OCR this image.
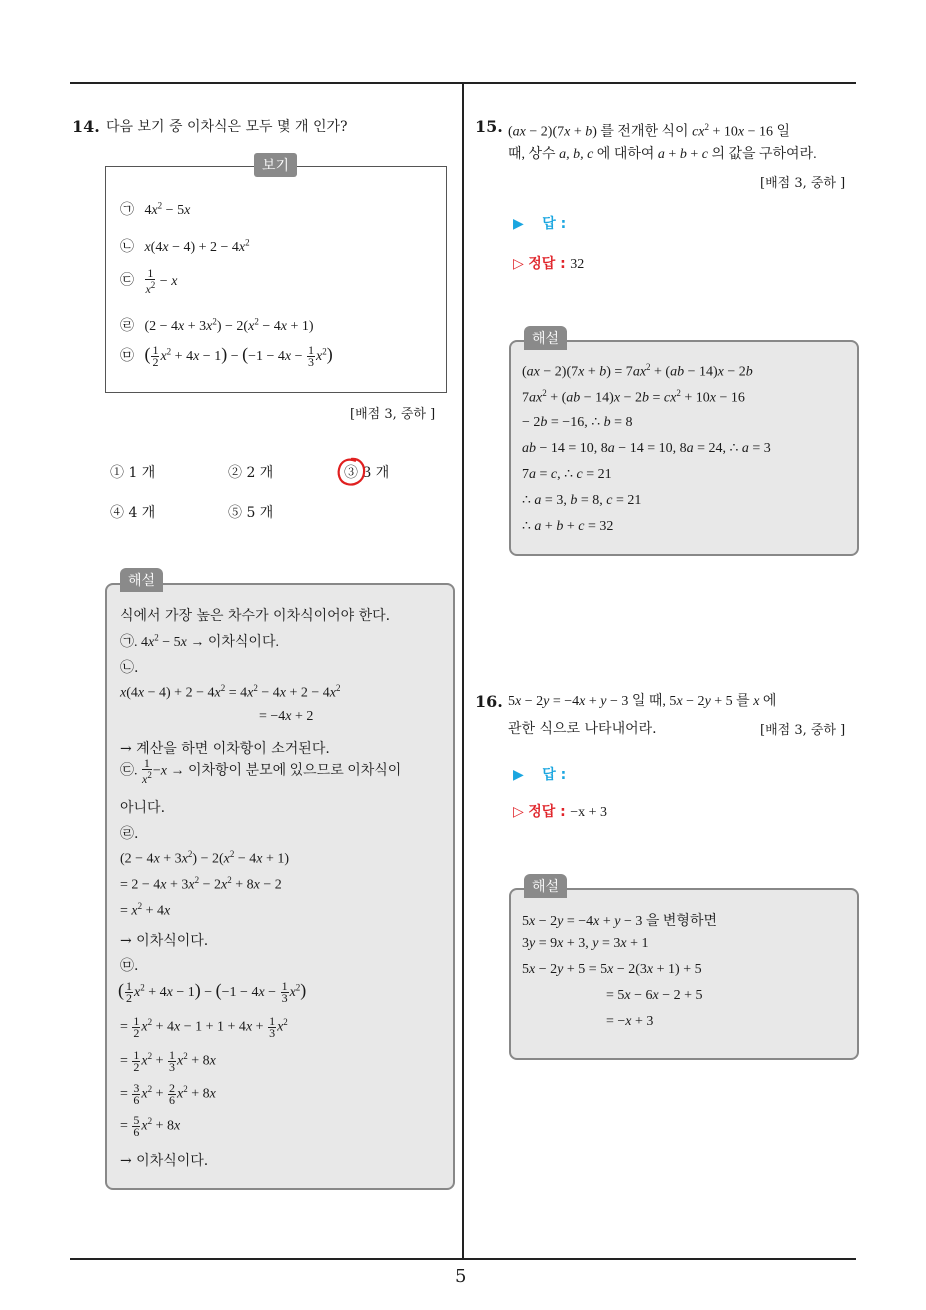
5
14. 다음 보기 중 이차식은 모두 몇 개 인가?
보기
㉠ $4x^2 - 5x$
㉡ $x(4x - 4) + 2 - 4x^2$
㉢ $\frac{1}{x^2} - x$
㉣ $(2 - 4x + 3x^2) - 2(x^2 - 4x + 1)$
㉤ ( $\frac{1}{2} x^2 + 4x - 1) - (-1 - 4x - \frac{1}{3} x^2)$
[배점 3, 중하 ]
① 1 개	② 2 개	③ 3 개
④ 4 개	⑤ 5 개
해설
식에서 가장 높은 차수가 이차식이어야 한다.
㉠. $4x^2 - 5x$ → 이차식이다.
㉡.
$x(4x - 4) + 2 - 4x^2 = 4x^2 - 4x + 2 - 4x^2$
= −4x + 2
→ 계산을 하면 이차항이 소거된다.
㉢. $\frac{1}{x^2} -x$ → 이차항이 분모에 있으므로 이차식이
아니다.
㉣.
$(2 - 4x + 3x^2) - 2(x^2 - 4x + 1)$
= $2 - 4x + 3x^2 - 2x^2 + 8x - 2$
= $x^2 + 4x$
→ 이차식이다.
㉤.
( $\frac{1}{2} x^2 + 4x - 1) - (-1 - 4x - \frac{1}{3} x^2)$
= $\frac{1}{2} x^2 + 4x - 1 + 1 + 4x + \frac{1}{3} x^2$
= $\frac{1}{2} x^2 + \frac{1}{3} x^2 + 8x$
= $\frac{3}{6} x^2 + \frac{2}{6} x^2 + 8x$
= $\frac{5}{6} x^2 + 8x$
→ 이차식이다.
15. (ax − 2)(7x + b) 를 전개한 식이 $cx^2 + 10x - 16$ 일
때, 상수 a, b, c 에 대하여 a + b + c 의 값을 구하여라.
[배점 3, 중하 ]
▶ 답 :
▷ 정답 : 32
해설
$(ax - 2)(7x + b) = 7ax^2 + (ab - 14)x - 2b$
$7ax^2 + (ab - 14)x - 2b = cx^2 + 10x - 16$
− 2b = −16, ∴ b = 8
ab − 14 = 10, 8a − 14 = 10, 8a = 24, ∴ a = 3
7a = c, ∴ c = 21
∴ a = 3, b = 8, c = 21
∴ a + b + c = 32
16. 5x − 2y = −4x + y − 3 일 때, 5x − 2y + 5 를 x 에
관한 식으로 나타내어라.	[배점 3, 중하 ]
▶ 답 :
▷ 정답 : −x + 3
해설
5x − 2y = −4x + y − 3 을 변형하면
3y = 9x + 3, y = 3x + 1
5x − 2y + 5 = 5x − 2(3x + 1) + 5
= 5x − 6x − 2 + 5
= −x + 3
